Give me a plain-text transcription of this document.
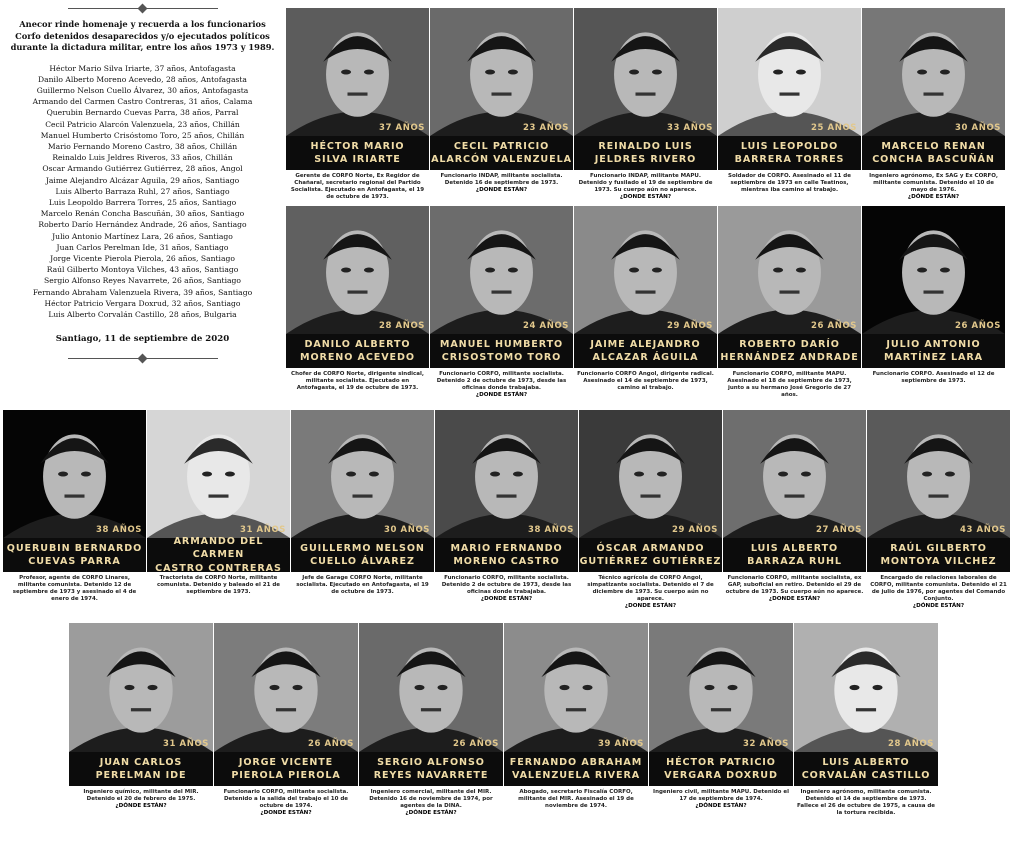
Anecor rinde homenaje y recuerda a los funcionarios Corfo detenidos desaparecidos y/o ejecutados políticos durante la dictadura militar, entre los años 1973 y 1989.

Héctor Mario Silva Iriarte, 37 años, Antofagasta
Danilo Alberto Moreno Acevedo, 28 años, Antofagasta
Guillermo Nelson Cuello Álvarez, 30 años, Antofagasta
Armando del Carmen Castro Contreras, 31 años, Calama
Querubin Bernardo Cuevas Parra, 38 años, Parral
Cecil Patricio Alarcón Valenzuela, 23 años, Chillán
Manuel Humberto Crisóstomo Toro, 25 años, Chillán
Mario Fernando Moreno Castro, 38 años, Chillán
Reinaldo Luis Jeldres Riveros, 33 años, Chillán
Oscar Armando Gutiérrez Gutiérrez, 28 años, Angol
Jaime Alejandro Alcázar Aguila, 29 años, Santiago
Luis Alberto Barraza Ruhl, 27 años, Santiago
Luis Leopoldo Barrera Torres, 25 años, Santiago
Marcelo Renán Concha Bascuñán, 30 años, Santiago
Roberto Darío Hernández Andrade, 26 años, Santiago
Julio Antonio Martínez Lara, 26 años, Santiago
Juan Carlos Perelman Ide, 31 años, Santiago
Jorge Vicente Pierola Pierola, 26 años, Santiago
Raúl Gilberto Montoya Vilches, 43 años, Santiago
Sergio Alfonso Reyes Navarrete, 26 años, Santiago
Fernando Abraham Valenzuela Rivera, 39 años, Santiago
Héctor Patricio Vergara Doxrud, 32 años, Santiago
Luis Alberto Corvalán Castillo, 28 años, Bulgaria
Santiago, 11 de septiembre de 2020
37 AÑOS
HÉCTOR MARIO
SILVA IRIARTE
Gerente de CORFO Norte, Ex Regidor de Chañaral, secretario regional del Partido Socialista. Ejecutado en Antofagasta, el 19 de octubre de 1973.
23 AÑOS
CECIL PATRICIO
ALARCÓN VALENZUELA
Funcionario INDAP, militante socialista. Detenido 16 de septiembre de 1973.
¿DONDE ESTÁN?
33 AÑOS
REINALDO LUIS
JELDRES RIVERO
Funcionario INDAP, militante MAPU. Detenido y fusilado el 19 de septiembre de 1973. Su cuerpo aún no aparece.
¿DONDE ESTÁN?
25 AÑOS
LUIS LEOPOLDO
BARRERA TORRES
Soldador de CORFO. Asesinado el 11 de septiembre de 1973 en calle Teatinos, mientras iba camino al trabajo.
30 AÑOS
MARCELO RENAN
CONCHA BASCUÑÁN
Ingeniero agrónomo, Ex SAG y Ex CORFO, militante comunista. Detenido el 10 de mayo de 1976.
¿DÓNDE ESTÁN?
28 AÑOS
DANILO ALBERTO
MORENO ACEVEDO
Chofer de CORFO Norte, dirigente sindical, militante socialista. Ejecutado en Antofagasta, el 19 de octubre de 1973.
24 AÑOS
MANUEL HUMBERTO
CRISOSTOMO TORO
Funcionario CORFO, militante socialista. Detenido 2 de octubre de 1973, desde las oficinas donde trabajaba.
¿DONDE ESTÁN?
29 AÑOS
JAIME ALEJANDRO
ALCAZAR ÁGUILA
Funcionario CORFO Angol, dirigente radical. Asesinado el 14 de septiembre de 1973, camino al trabajo.
26 AÑOS
ROBERTO DARÍO
HERNÁNDEZ ANDRADE
Funcionario CORFO, militante MAPU. Asesinado el 18 de septiembre de 1973, junto a su hermano José Gregorio de 27 años.
26 AÑOS
JULIO ANTONIO
MARTÍNEZ LARA
Funcionario CORFO. Asesinado el 12 de septiembre de 1973.
38 AÑOS
QUERUBIN BERNARDO
CUEVAS PARRA
Profesor, agente de CORFO Linares, militante comunista. Detenido 12 de septiembre de 1973 y asesinado el 4 de enero de 1974.
31 AÑOS
ARMANDO DEL CARMEN
CASTRO CONTRERAS
Tractorista de CORFO Norte, militante comunista. Detenido y baleado el 21 de septiembre de 1973.
30 AÑOS
GUILLERMO NELSON
CUELLO ÁLVAREZ
Jefe de Garage CORFO Norte, militante socialista. Ejecutado en Antofagasta, el 19 de octubre de 1973.
38 AÑOS
MARIO FERNANDO
MORENO CASTRO
Funcionario CORFO, militante socialista. Detenido 2 de octubre de 1973, desde las oficinas donde trabajaba.
¿DONDE ESTÁN?
29 AÑOS
ÓSCAR ARMANDO
GUTIÉRREZ GUTIÉRREZ
Técnico agrícola de CORFO Angol, simpatizante socialista. Detenido el 7 de diciembre de 1973. Su cuerpo aún no aparece.
¿DONDE ESTÁN?
27 AÑOS
LUIS ALBERTO
BARRAZA RUHL
Funcionario CORFO, militante socialista, ex GAP, suboficial en retiro. Detenido el 29 de octubre de 1973. Su cuerpo aún no aparece.
¿DONDE ESTÁN?
43 AÑOS
RAÚL GILBERTO
MONTOYA VILCHEZ
Encargado de relaciones laborales de CORFO, militante comunista. Detenido el 21 de julio de 1976, por agentes del Comando Conjunto.
¿DÓNDE ESTÁN?
31 AÑOS
JUAN CARLOS
PERELMAN IDE
Ingeniero químico, militante del MIR. Detenido el 20 de febrero de 1975.
¿DÓNDE ESTÁN?
26 AÑOS
JORGE VICENTE
PIEROLA PIEROLA
Funcionario CORFO, militante socialista. Detenido a la salida del trabajo el 10 de octubre de 1974.
¿DONDE ESTÁN?
26 AÑOS
SERGIO ALFONSO
REYES NAVARRETE
Ingeniero comercial, militante del MIR. Detenido 16 de noviembre de 1974, por agentes de la DINA.
¿DÓNDE ESTÁN?
39 AÑOS
FERNANDO ABRAHAM
VALENZUELA RIVERA
Abogado, secretario Fiscalía CORFO, militante del MIR. Asesinado el 19 de noviembre de 1974.
32 AÑOS
HÉCTOR PATRICIO
VERGARA DOXRUD
Ingeniero civil, militante MAPU. Detenido el 17 de septiembre de 1974.
¿DÓNDE ESTÁN?
28 AÑOS
LUIS ALBERTO
CORVALÁN CASTILLO
Ingeniero agrónomo, militante comunista. Detenido el 14 de septiembre de 1973. Fallece el 26 de octubre de 1975, a causa de la tortura recibida.
